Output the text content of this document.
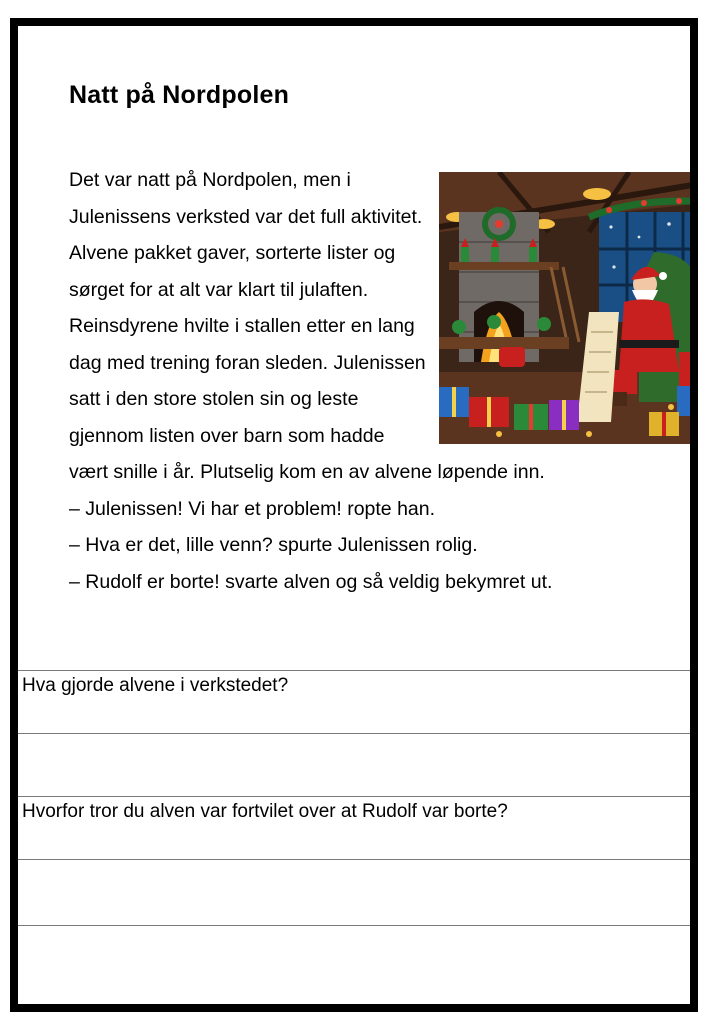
Natt på Nordpolen

Det var natt på Nordpolen, men i Julenissens verksted var det full aktivitet. Alvene pakket gaver, sorterte lister og sørget for at alt var klart til julaften. Reinsdyrene hvilte i stallen etter en lang dag med trening foran sleden. Julenissen satt i den store stolen sin og leste gjennom listen over barn som hadde vært snille i år. Plutselig kom en av alvene løpende inn.

– Julenissen! Vi har et problem! ropte han.

– Hva er det, lille venn? spurte Julenissen rolig.

– Rudolf er borte! svarte alven og så veldig bekymret ut.

Hva gjorde alvene i verkstedet?
Hvorfor tror du alven var fortvilet over at Rudolf var borte?
